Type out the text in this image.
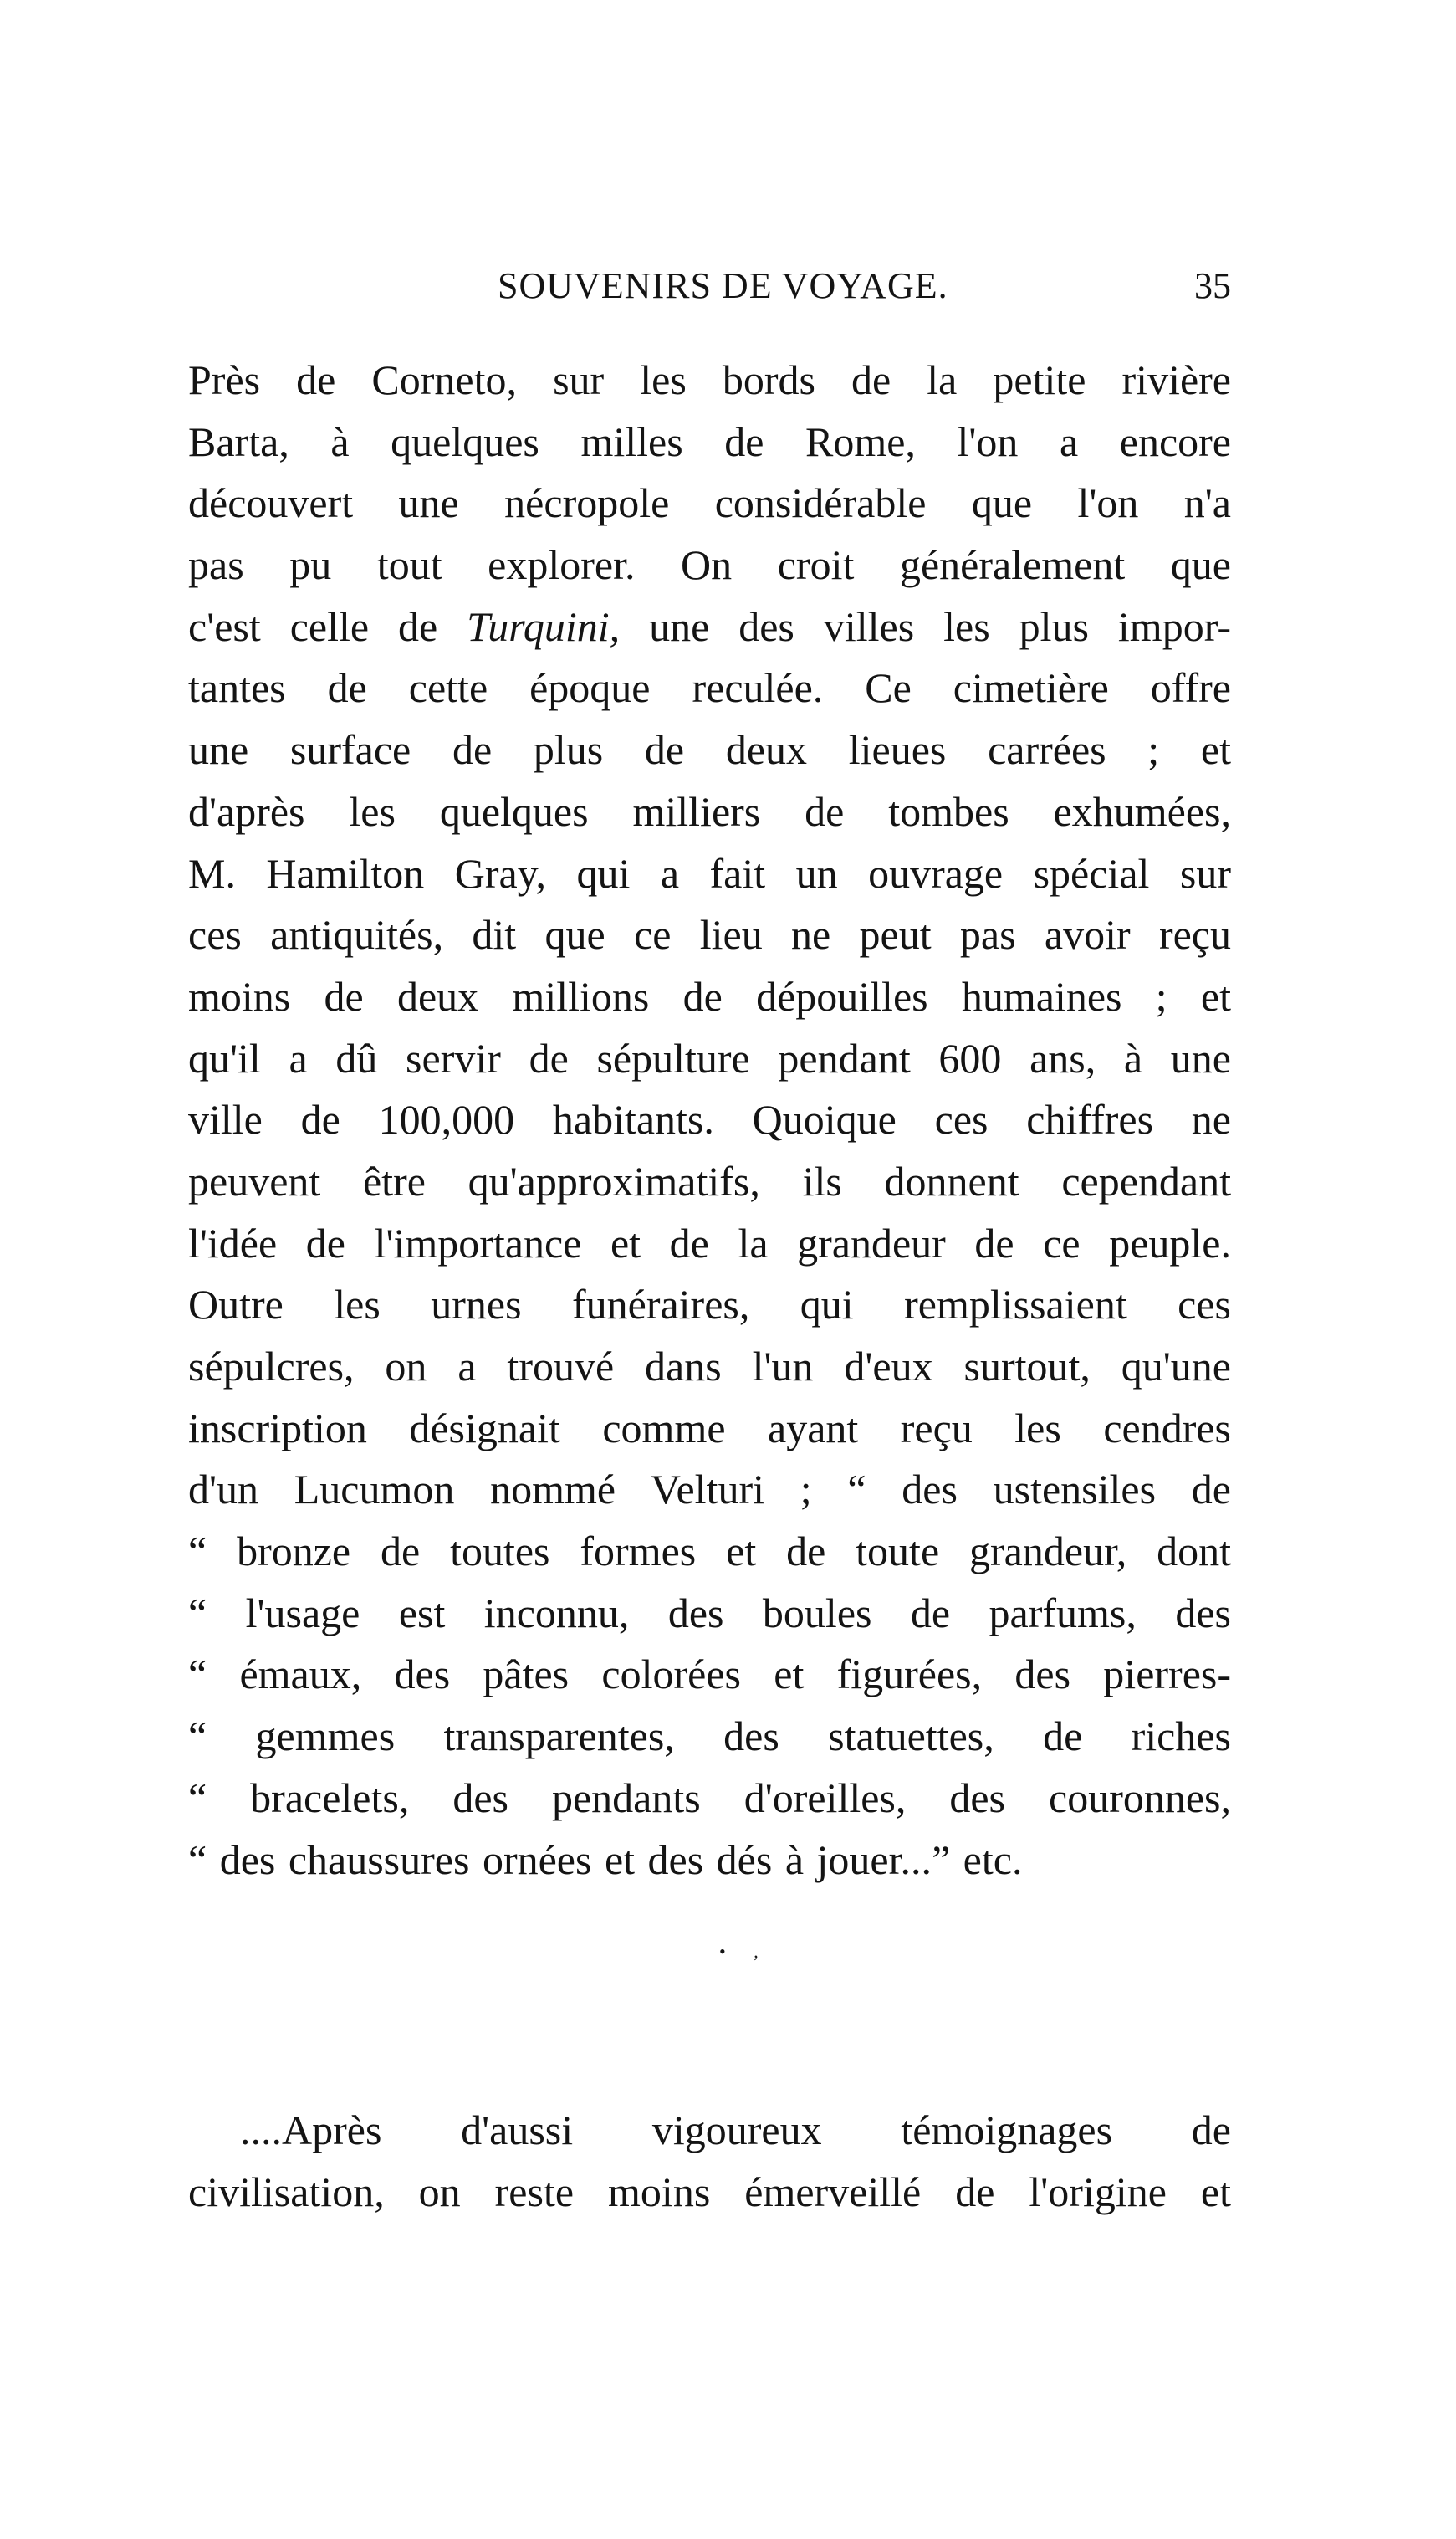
SOUVENIRS DE VOYAGE.	35
Près de Corneto, sur les bords de la petite rivière
Barta, à quelques milles de Rome, l'on a encore
découvert une nécropole considérable que l'on n'a
pas pu tout explorer. On croit généralement que
c'est celle de Turquini, une des villes les plus impor-
tantes de cette époque reculée. Ce cimetière offre
une surface de plus de deux lieues carrées ; et
d'après les quelques milliers de tombes exhumées,
M. Hamilton Gray, qui a fait un ouvrage spécial sur
ces antiquités, dit que ce lieu ne peut pas avoir reçu
moins de deux millions de dépouilles humaines ; et
qu'il a dû servir de sépulture pendant 600 ans, à une
ville de 100,000 habitants. Quoique ces chiffres ne
peuvent être qu'approximatifs, ils donnent cependant
l'idée de l'importance et de la grandeur de ce peuple.
Outre les urnes funéraires, qui remplissaient ces
sépulcres, on a trouvé dans l'un d'eux surtout, qu'une
inscription désignait comme ayant reçu les cendres
d'un Lucumon nommé Velturi ; “ des ustensiles de
“ bronze de toutes formes et de toute grandeur, dont
“ l'usage est inconnu, des boules de parfums, des
“ émaux, des pâtes colorées et figurées, des pierres-
“ gemmes transparentes, des statuettes, de riches
“ bracelets, des pendants d'oreilles, des couronnes,
“ des chaussures ornées et des dés à jouer...” etc.
• ,
....Après d'aussi vigoureux témoignages de
civilisation, on reste moins émerveillé de l'origine et
